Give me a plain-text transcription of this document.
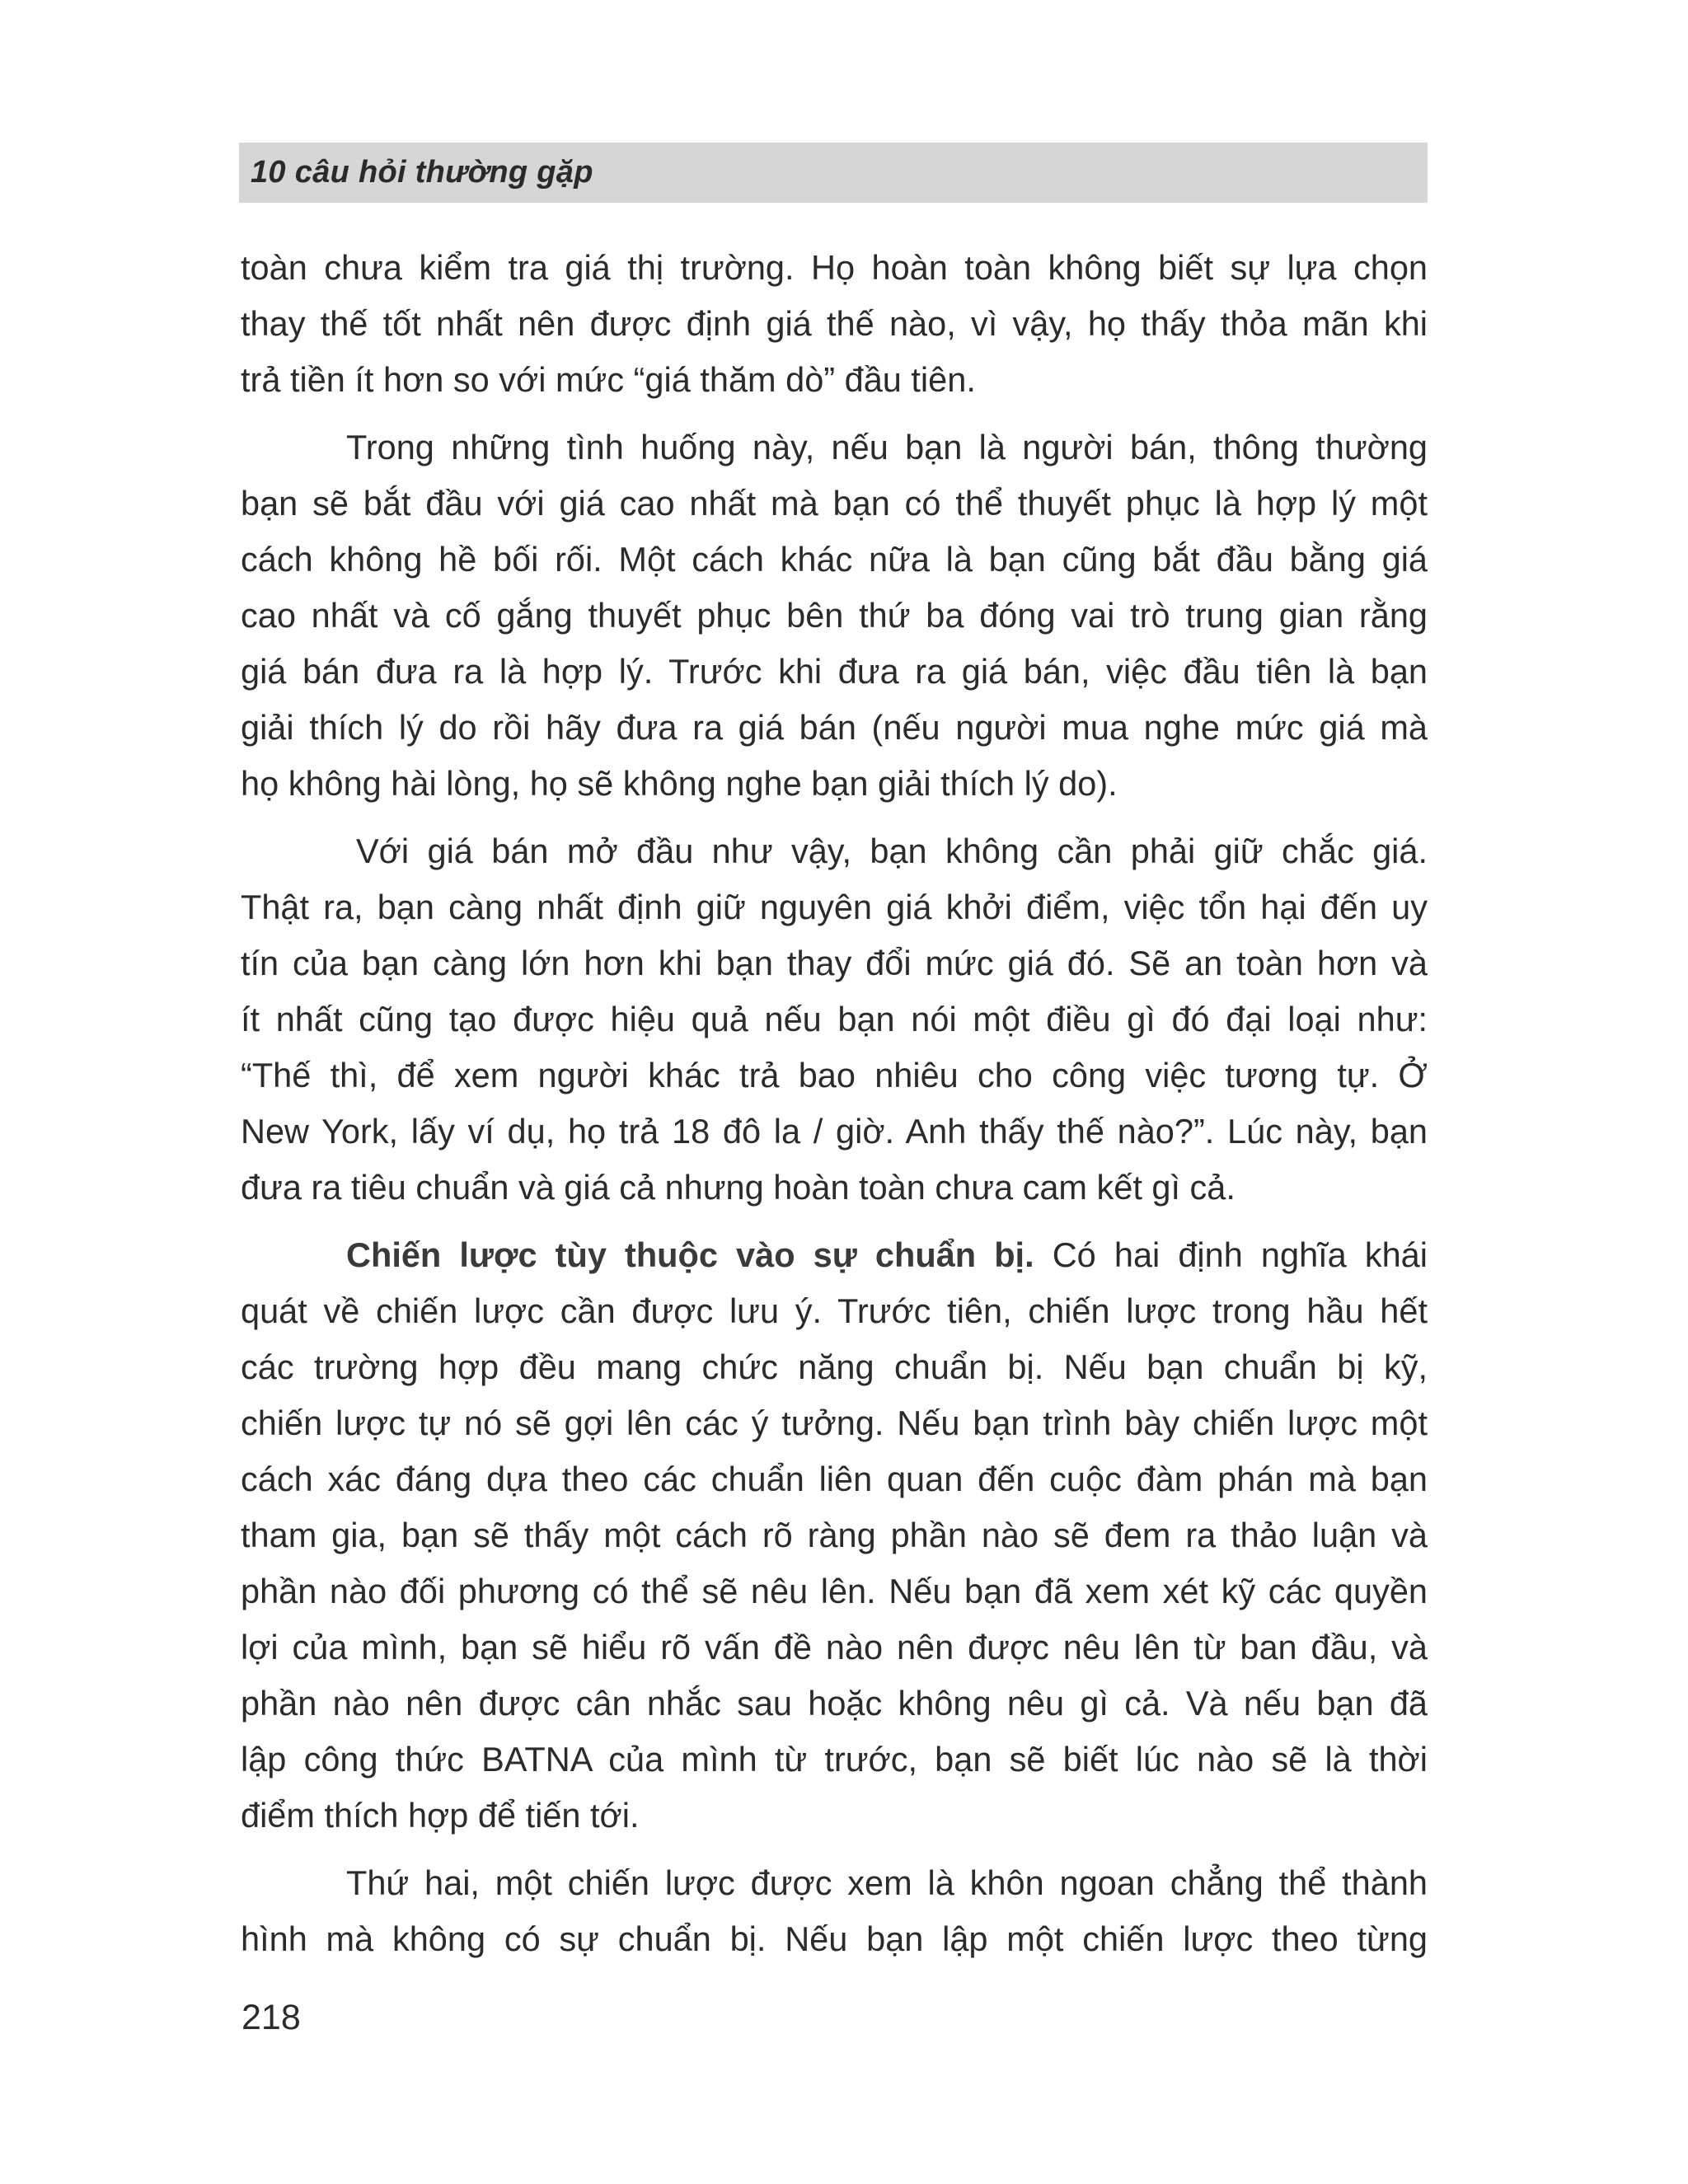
10 câu hỏi thường gặp
toàn chưa kiểm tra giá thị trường. Họ hoàn toàn không biết sự lựa chọn
thay thế tốt nhất nên được định giá thế nào, vì vậy, họ thấy thỏa mãn khi
trả tiền ít hơn so với mức “giá thăm dò” đầu tiên.
Trong những tình huống này, nếu bạn là người bán, thông thường
bạn sẽ bắt đầu với giá cao nhất mà bạn có thể thuyết phục là hợp lý một
cách không hề bối rối. Một cách khác nữa là bạn cũng bắt đầu bằng giá
cao nhất và cố gắng thuyết phục bên thứ ba đóng vai trò trung gian rằng
giá bán đưa ra là hợp lý. Trước khi đưa ra giá bán, việc đầu tiên là bạn
giải thích lý do rồi hãy đưa ra giá bán (nếu người mua nghe mức giá mà
họ không hài lòng, họ sẽ không nghe bạn giải thích lý do).
Với giá bán mở đầu như vậy, bạn không cần phải giữ chắc giá.
Thật ra, bạn càng nhất định giữ nguyên giá khởi điểm, việc tổn hại đến uy
tín của bạn càng lớn hơn khi bạn thay đổi mức giá đó. Sẽ an toàn hơn và
ít nhất cũng tạo được hiệu quả nếu bạn nói một điều gì đó đại loại như:
“Thế thì, để xem người khác trả bao nhiêu cho công việc tương tự. Ở
New York, lấy ví dụ, họ trả 18 đô la / giờ. Anh thấy thế nào?”. Lúc này, bạn
đưa ra tiêu chuẩn và giá cả nhưng hoàn toàn chưa cam kết gì cả.
Chiến lược tùy thuộc vào sự chuẩn bị. Có hai định nghĩa khái
quát về chiến lược cần được lưu ý. Trước tiên, chiến lược trong hầu hết
các trường hợp đều mang chức năng chuẩn bị. Nếu bạn chuẩn bị kỹ,
chiến lược tự nó sẽ gợi lên các ý tưởng. Nếu bạn trình bày chiến lược một
cách xác đáng dựa theo các chuẩn liên quan đến cuộc đàm phán mà bạn
tham gia, bạn sẽ thấy một cách rõ ràng phần nào sẽ đem ra thảo luận và
phần nào đối phương có thể sẽ nêu lên. Nếu bạn đã xem xét kỹ các quyền
lợi của mình, bạn sẽ hiểu rõ vấn đề nào nên được nêu lên từ ban đầu, và
phần nào nên được cân nhắc sau hoặc không nêu gì cả. Và nếu bạn đã
lập công thức BATNA của mình từ trước, bạn sẽ biết lúc nào sẽ là thời
điểm thích hợp để tiến tới.
Thứ hai, một chiến lược được xem là khôn ngoan chẳng thể thành
hình mà không có sự chuẩn bị. Nếu bạn lập một chiến lược theo từng
218
